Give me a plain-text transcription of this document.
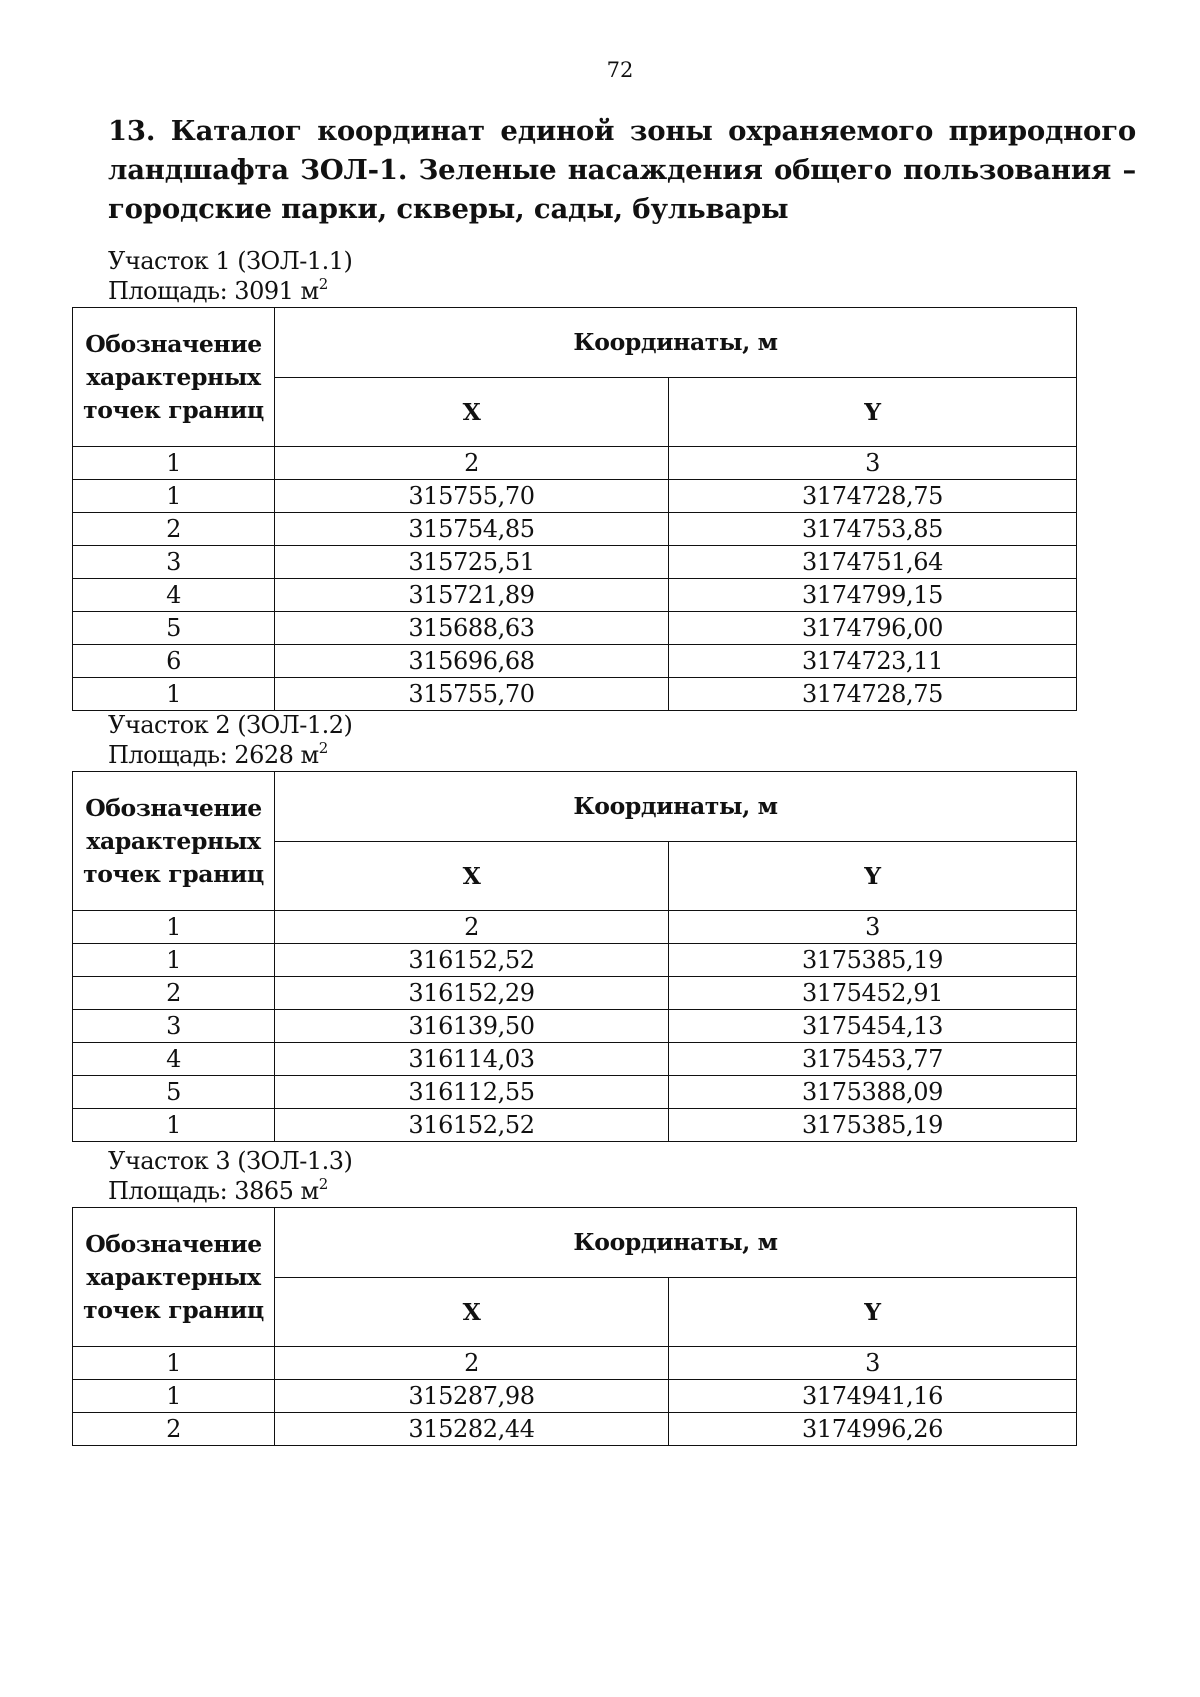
72
13. Каталог координат единой зоны охраняемого природного ландшафта ЗОЛ-1. Зеленые насаждения общего пользования – городские парки, скверы, сады, бульвары
Участок 1 (ЗОЛ-1.1)
Площадь: 3091 $м^2$
Обозначение характерных точек границ	Координаты, м	
	X	Y
1	2	3
1	315755,70	3174728,75
2	315754,85	3174753,85
3	315725,51	3174751,64
4	315721,89	3174799,15
5	315688,63	3174796,00
6	315696,68	3174723,11
1	315755,70	3174728,75
Участок 2 (ЗОЛ-1.2)
Площадь: 2628 $м^2$
Обозначение характерных точек границ	Координаты, м	
	X	Y
1	2	3
1	316152,52	3175385,19
2	316152,29	3175452,91
3	316139,50	3175454,13
4	316114,03	3175453,77
5	316112,55	3175388,09
1	316152,52	3175385,19
Участок 3 (ЗОЛ-1.3)
Площадь: 3865 $м^2$
Обозначение характерных точек границ	Координаты, м	
	X	Y
1	2	3
1	315287,98	3174941,16
2	315282,44	3174996,26
